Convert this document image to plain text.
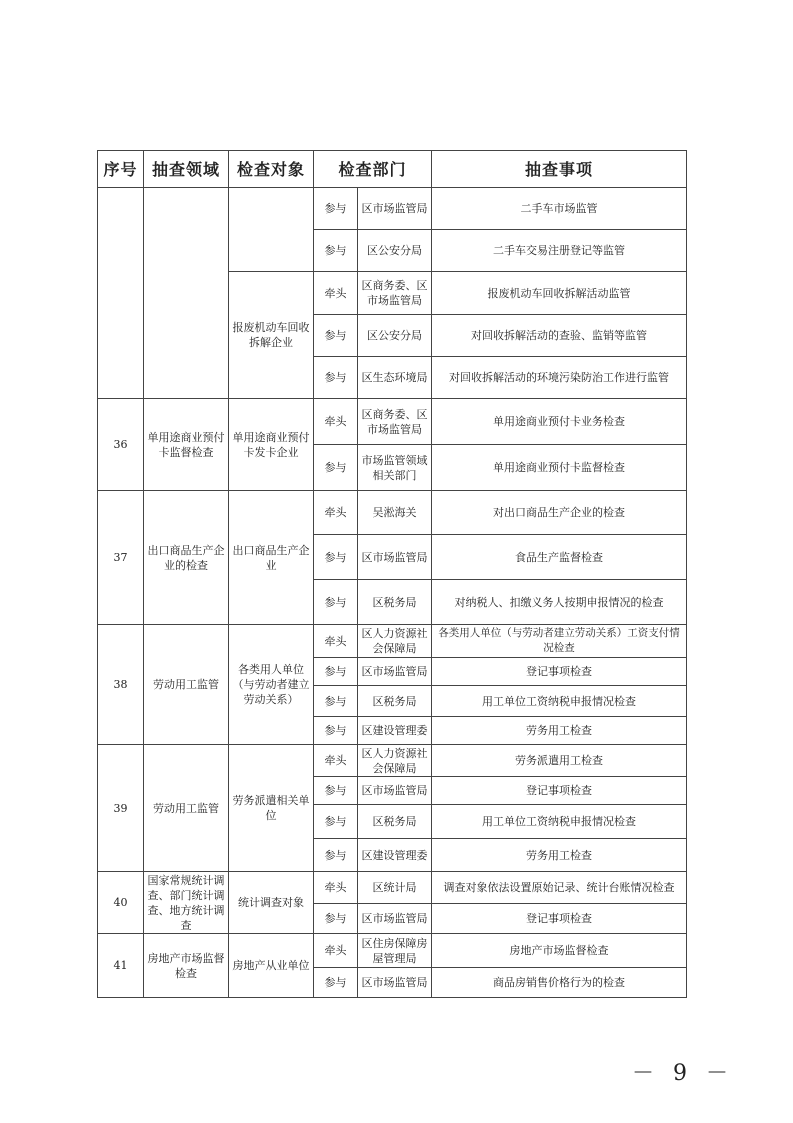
序号	抽查领域	检查对象	检查部门		抽查事项
			参与	区市场监管局	二手车市场监管
			参与	区公安分局	二手车交易注册登记等监管
		报废机动车回收拆解企业	牵头	区商务委、区市场监管局	报废机动车回收拆解活动监管
			参与	区公安分局	对回收拆解活动的查验、监销等监管
			参与	区生态环境局	对回收拆解活动的环境污染防治工作进行监管
36	单用途商业预付卡监督检查	单用途商业预付卡发卡企业	牵头	区商务委、区市场监管局	单用途商业预付卡业务检查
			参与	市场监管领域相关部门	单用途商业预付卡监督检查
37	出口商品生产企业的检查	出口商品生产企业	牵头	吴淞海关	对出口商品生产企业的检查
			参与	区市场监管局	食品生产监督检查
			参与	区税务局	对纳税人、扣缴义务人按期申报情况的检查
38	劳动用工监管	各类用人单位（与劳动者建立劳动关系）	牵头	区人力资源社会保障局	各类用人单位（与劳动者建立劳动关系）工资支付情况检查
			参与	区市场监管局	登记事项检查
			参与	区税务局	用工单位工资纳税申报情况检查
			参与	区建设管理委	劳务用工检查
39	劳动用工监管	劳务派遣相关单位	牵头	区人力资源社会保障局	劳务派遣用工检查
			参与	区市场监管局	登记事项检查
			参与	区税务局	用工单位工资纳税申报情况检查
			参与	区建设管理委	劳务用工检查
40	国家常规统计调查、部门统计调查、地方统计调查	统计调查对象	牵头	区统计局	调查对象依法设置原始记录、统计台账情况检查
			参与	区市场监管局	登记事项检查
41	房地产市场监督检查	房地产从业单位	牵头	区住房保障房屋管理局	房地产市场监督检查
			参与	区市场监管局	商品房销售价格行为的检查
－ 9 －
